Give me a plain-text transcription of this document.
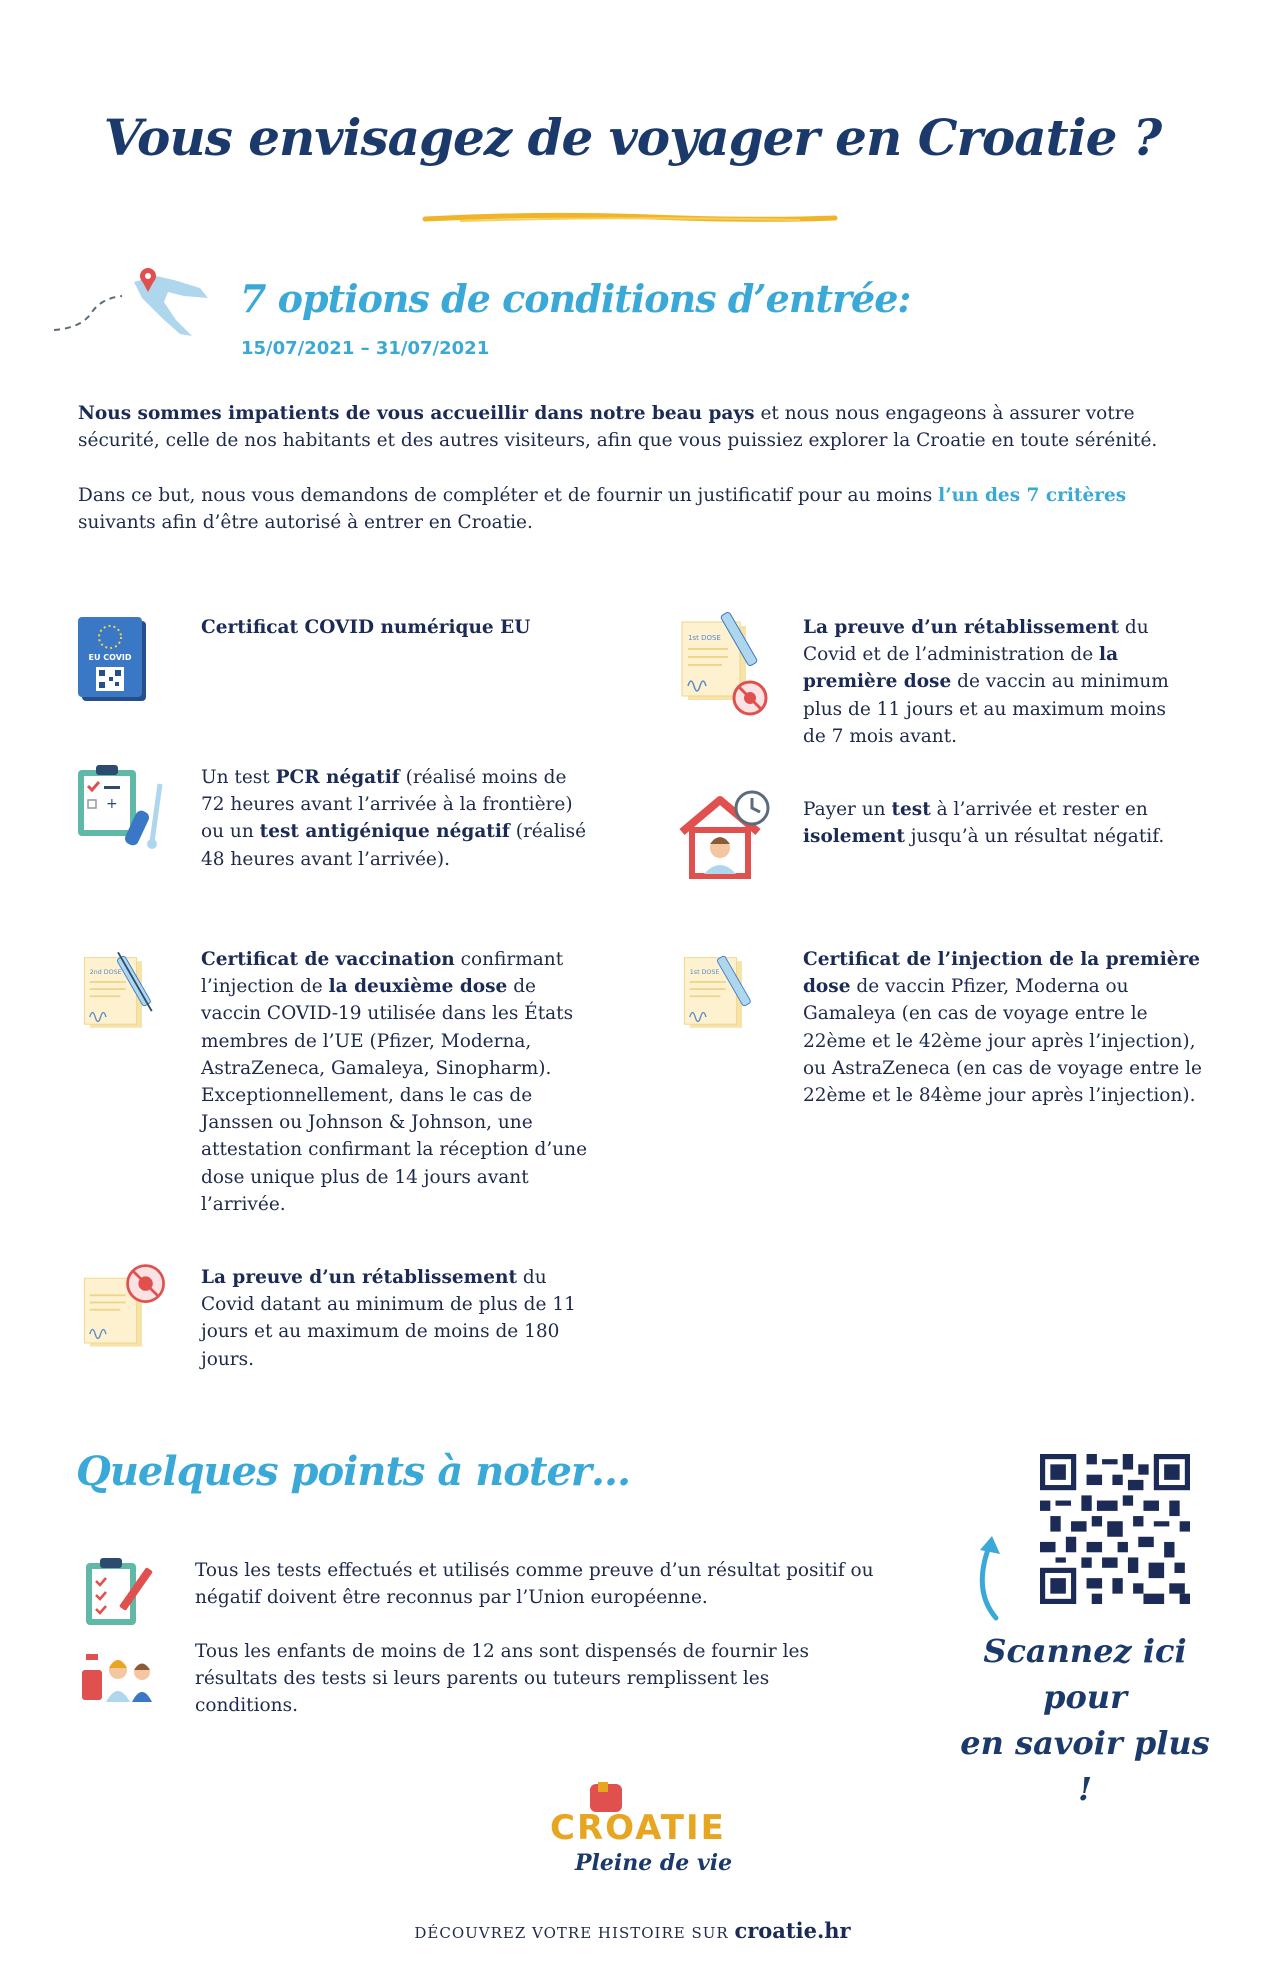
Vous envisagez de voyager en Croatie ?
7 options de conditions d’entrée:
15/07/2021 – 31/07/2021
Nous sommes impatients de vous accueillir dans notre beau pays et nous nous engageons à assurer votre sécurité, celle de nos habitants et des autres visiteurs, afin que vous puissiez explorer la Croatie en toute sérénité.
Dans ce but, nous vous demandons de compléter et de fournir un justificatif pour au moins l’un des 7 critères suivants afin d’être autorisé à entrer en Croatie.
EU COVID
Certificat COVID numérique EU
+
Un test PCR négatif (réalisé moins de 72 heures avant l’arrivée à la frontière) ou un test antigénique négatif (réalisé 48 heures avant l’arrivée).
2nd DOSE
Certificat de vaccination confirmant l’injection de la deuxième dose de vaccin COVID-19 utilisée dans les États membres de l’UE (Pfizer, Moderna, AstraZeneca, Gamaleya, Sinopharm). Exceptionnellement, dans le cas de Janssen ou Johnson & Johnson, une attestation confirmant la réception d’une dose unique plus de 14 jours avant l’arrivée.
La preuve d’un rétablissement du Covid datant au minimum de plus de 11 jours et au maximum de moins de 180 jours.
1st DOSE	La preuve d’un rétablissement du Covid et de l’administration de la première dose de vaccin au minimum plus de 11 jours et au maximum moins de 7 mois avant.
Payer un test à l’arrivée et rester en isolement jusqu’à un résultat négatif.
1st DOSE
Certificat de l’injection de la première dose de vaccin Pfizer, Moderna ou Gamaleya (en cas de voyage entre le 22ème et le 42ème jour après l’injection), ou AstraZeneca (en cas de voyage entre le 22ème et le 84ème jour après l’injection).
Quelques points à noter…
Tous les tests effectués et utilisés comme preuve d’un résultat positif ou négatif doivent être reconnus par l’Union européenne.
Tous les enfants de moins de 12 ans sont dispensés de fournir les résultats des tests si leurs parents ou tuteurs remplissent les conditions.
Scannez ici pour
en savoir plus !
CROATIE
Pleine de vie
DÉCOUVREZ VOTRE HISTOIRE SUR croatie.hr
